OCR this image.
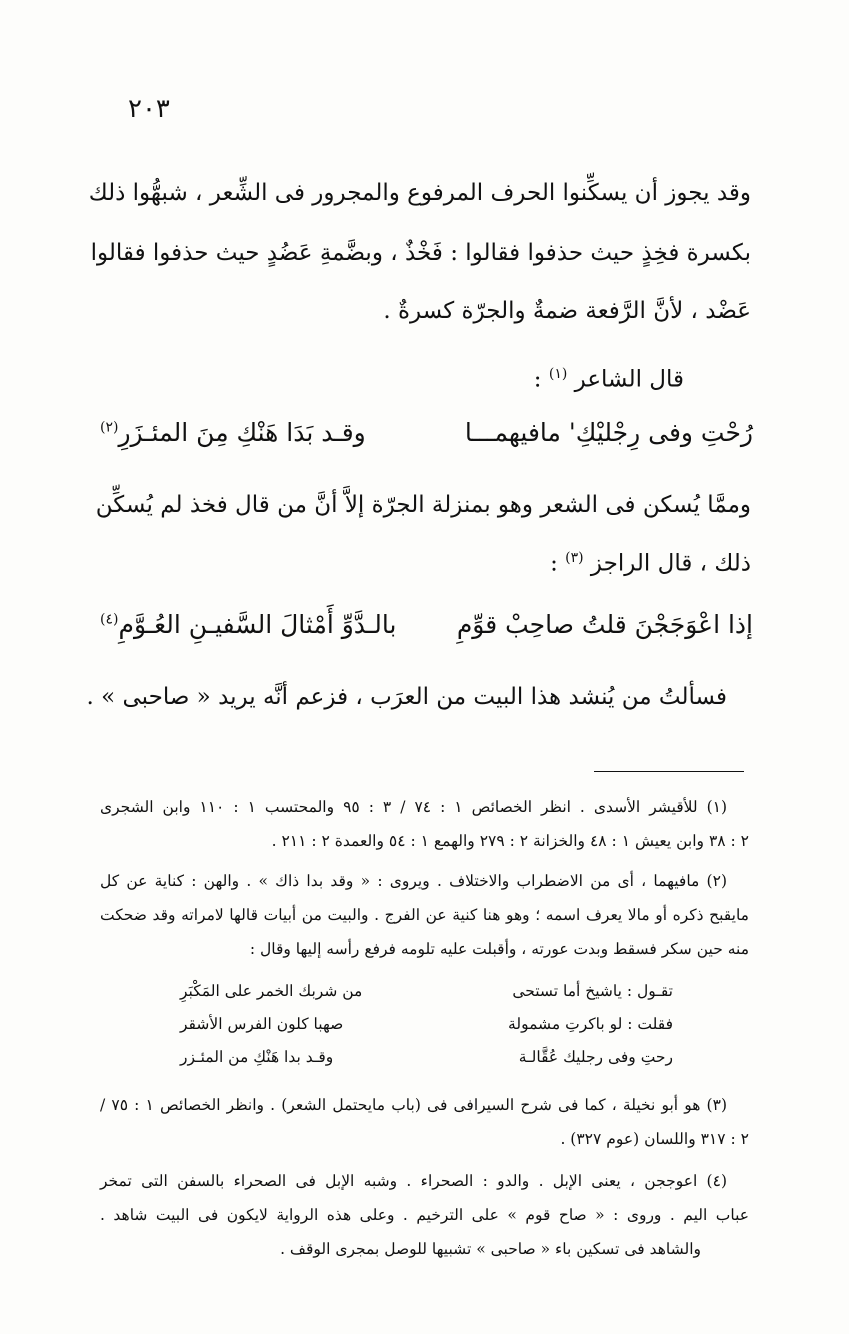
٢٠٣
وقد يجوز أن يسكِّنوا الحرف المرفوع والمجرور فى الشِّعر ، شبهُّوا ذلك
بكسرة فخِذٍ حيث حذفوا فقالوا : فَخْذٌ ، وبضَّمةِ عَضُدٍ حيث حذفوا فقالوا
عَضْد ، لأنَّ الرَّفعة ضمةٌ والجرّة كسرةٌ .
قال الشاعر $^{(١)}$ :
رُحْتِ وفى رِجْليْكِ' مافيهمـــا
وقـد بَدَا هَنْكِ مِنَ المئـزَرِ$^{(٢)}$
وممَّا يُسكن فى الشعر وهو بمنزلة الجرّة إلاَّ أنَّ من قال فخذ لم يُسكِّن
ذلك ، قال الراجز $^{(٣)}$ :
إذا اعْوَجَجْنَ قلتُ صاحِبْ قوِّمِ
بالـدَّوِّ أَمْثالَ السَّفيـنِ العُـوَّمِ$^{(٤)}$
فسألتُ من يُنشد هذا البيت من العرَب ، فزعم أنَّه يريد « صاحبى » .
(١) للأقيشر الأسدى . انظر الخصائص ١ : ٧٤ / ٣ : ٩٥ والمحتسب ١ : ١١٠ وابن الشجرى
٢ : ٣٨ وابن يعيش ١ : ٤٨ والخزانة ٢ : ٢٧٩ والهمع ١ : ٥٤ والعمدة ٢ : ٢١١ .
(٢) مافيهما ، أى من الاضطراب والاختلاف . ويروى : « وقد بدا ذاك » . والهن : كناية عن كل
مايقبح ذكره أو مالا يعرف اسمه ؛ وهو هنا كنية عن الفرج . والبيت من أبيات قالها لامراته وقد ضحكت
منه حين سكر فسقط وبدت عورته ، وأقبلت عليه تلومه فرفع رأسه إليها وقال :
تقـول : ياشيخ أما تستحى
من شربك الخمر على المَكْبَرِ
فقلت : لو باكرتِ مشمولة
صهبا كلون الفرس الأشقر
رحتِ وفى رجليك عُقَّالـة
وقـد بدا هَنْكِ من المئـزر
(٣) هو أبو نخيلة ، كما فى شرح السيرافى فى (باب مايحتمل الشعر) . وانظر الخصائص ١ : ٧٥ /
٢ : ٣١٧ واللسان (عوم ٣٢٧) .
(٤) اعوججن ، يعنى الإبل . والدو : الصحراء . وشبه الإبل فى الصحراء بالسفن التى تمخر
عباب اليم . وروى : « صاح قوم » على الترخيم . وعلى هذه الرواية لايكون فى البيت شاهد .
والشاهد فى تسكين باء « صاحبى » تشبيها للوصل بمجرى الوقف .
